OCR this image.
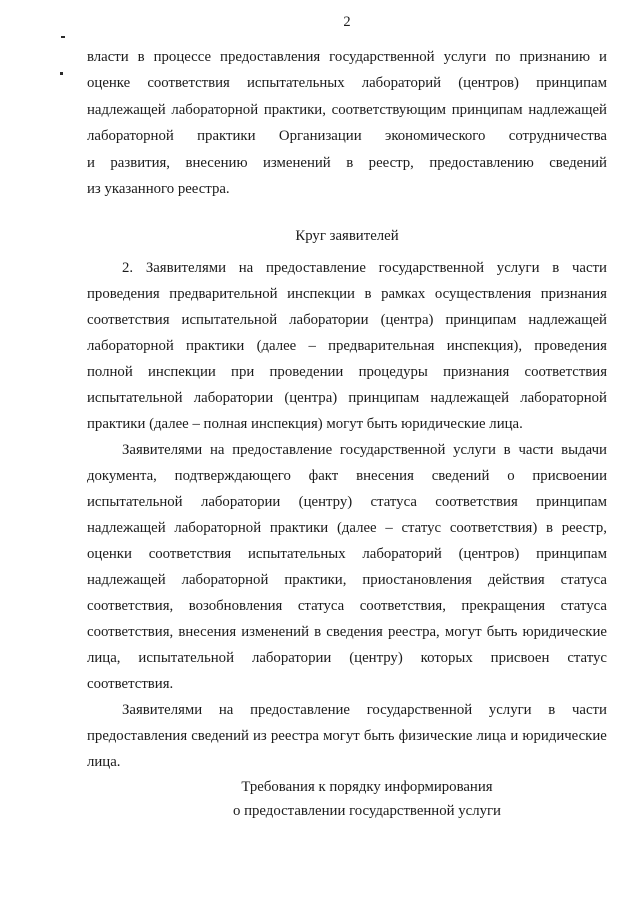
2
власти в процессе предоставления государственной услуги по признанию и
оценке соответствия испытательных лабораторий (центров) принципам
надлежащей лабораторной практики, соответствующим принципам надлежащей
лабораторной практики Организации экономического сотрудничества
и развития, внесению изменений в реестр, предоставлению сведений
из указанного реестра.
Круг заявителей
2. Заявителями на предоставление государственной услуги в части
проведения предварительной инспекции в рамках осуществления признания
соответствия испытательной лаборатории (центра) принципам надлежащей
лабораторной практики (далее – предварительная инспекция), проведения
полной инспекции при проведении процедуры признания соответствия
испытательной лаборатории (центра) принципам надлежащей лабораторной
практики (далее – полная инспекция) могут быть юридические лица.
Заявителями на предоставление государственной услуги в части выдачи
документа, подтверждающего факт внесения сведений о присвоении
испытательной лаборатории (центру) статуса соответствия принципам
надлежащей лабораторной практики (далее – статус соответствия) в реестр,
оценки соответствия испытательных лабораторий (центров) принципам
надлежащей лабораторной практики, приостановления действия статуса
соответствия, возобновления статуса соответствия, прекращения статуса
соответствия, внесения изменений в сведения реестра, могут быть юридические
лица, испытательной лаборатории (центру) которых присвоен статус
соответствия.
Заявителями на предоставление государственной услуги в части
предоставления сведений из реестра могут быть физические лица и юридические
лица.
Требования к порядку информирования
о предоставлении государственной услуги
